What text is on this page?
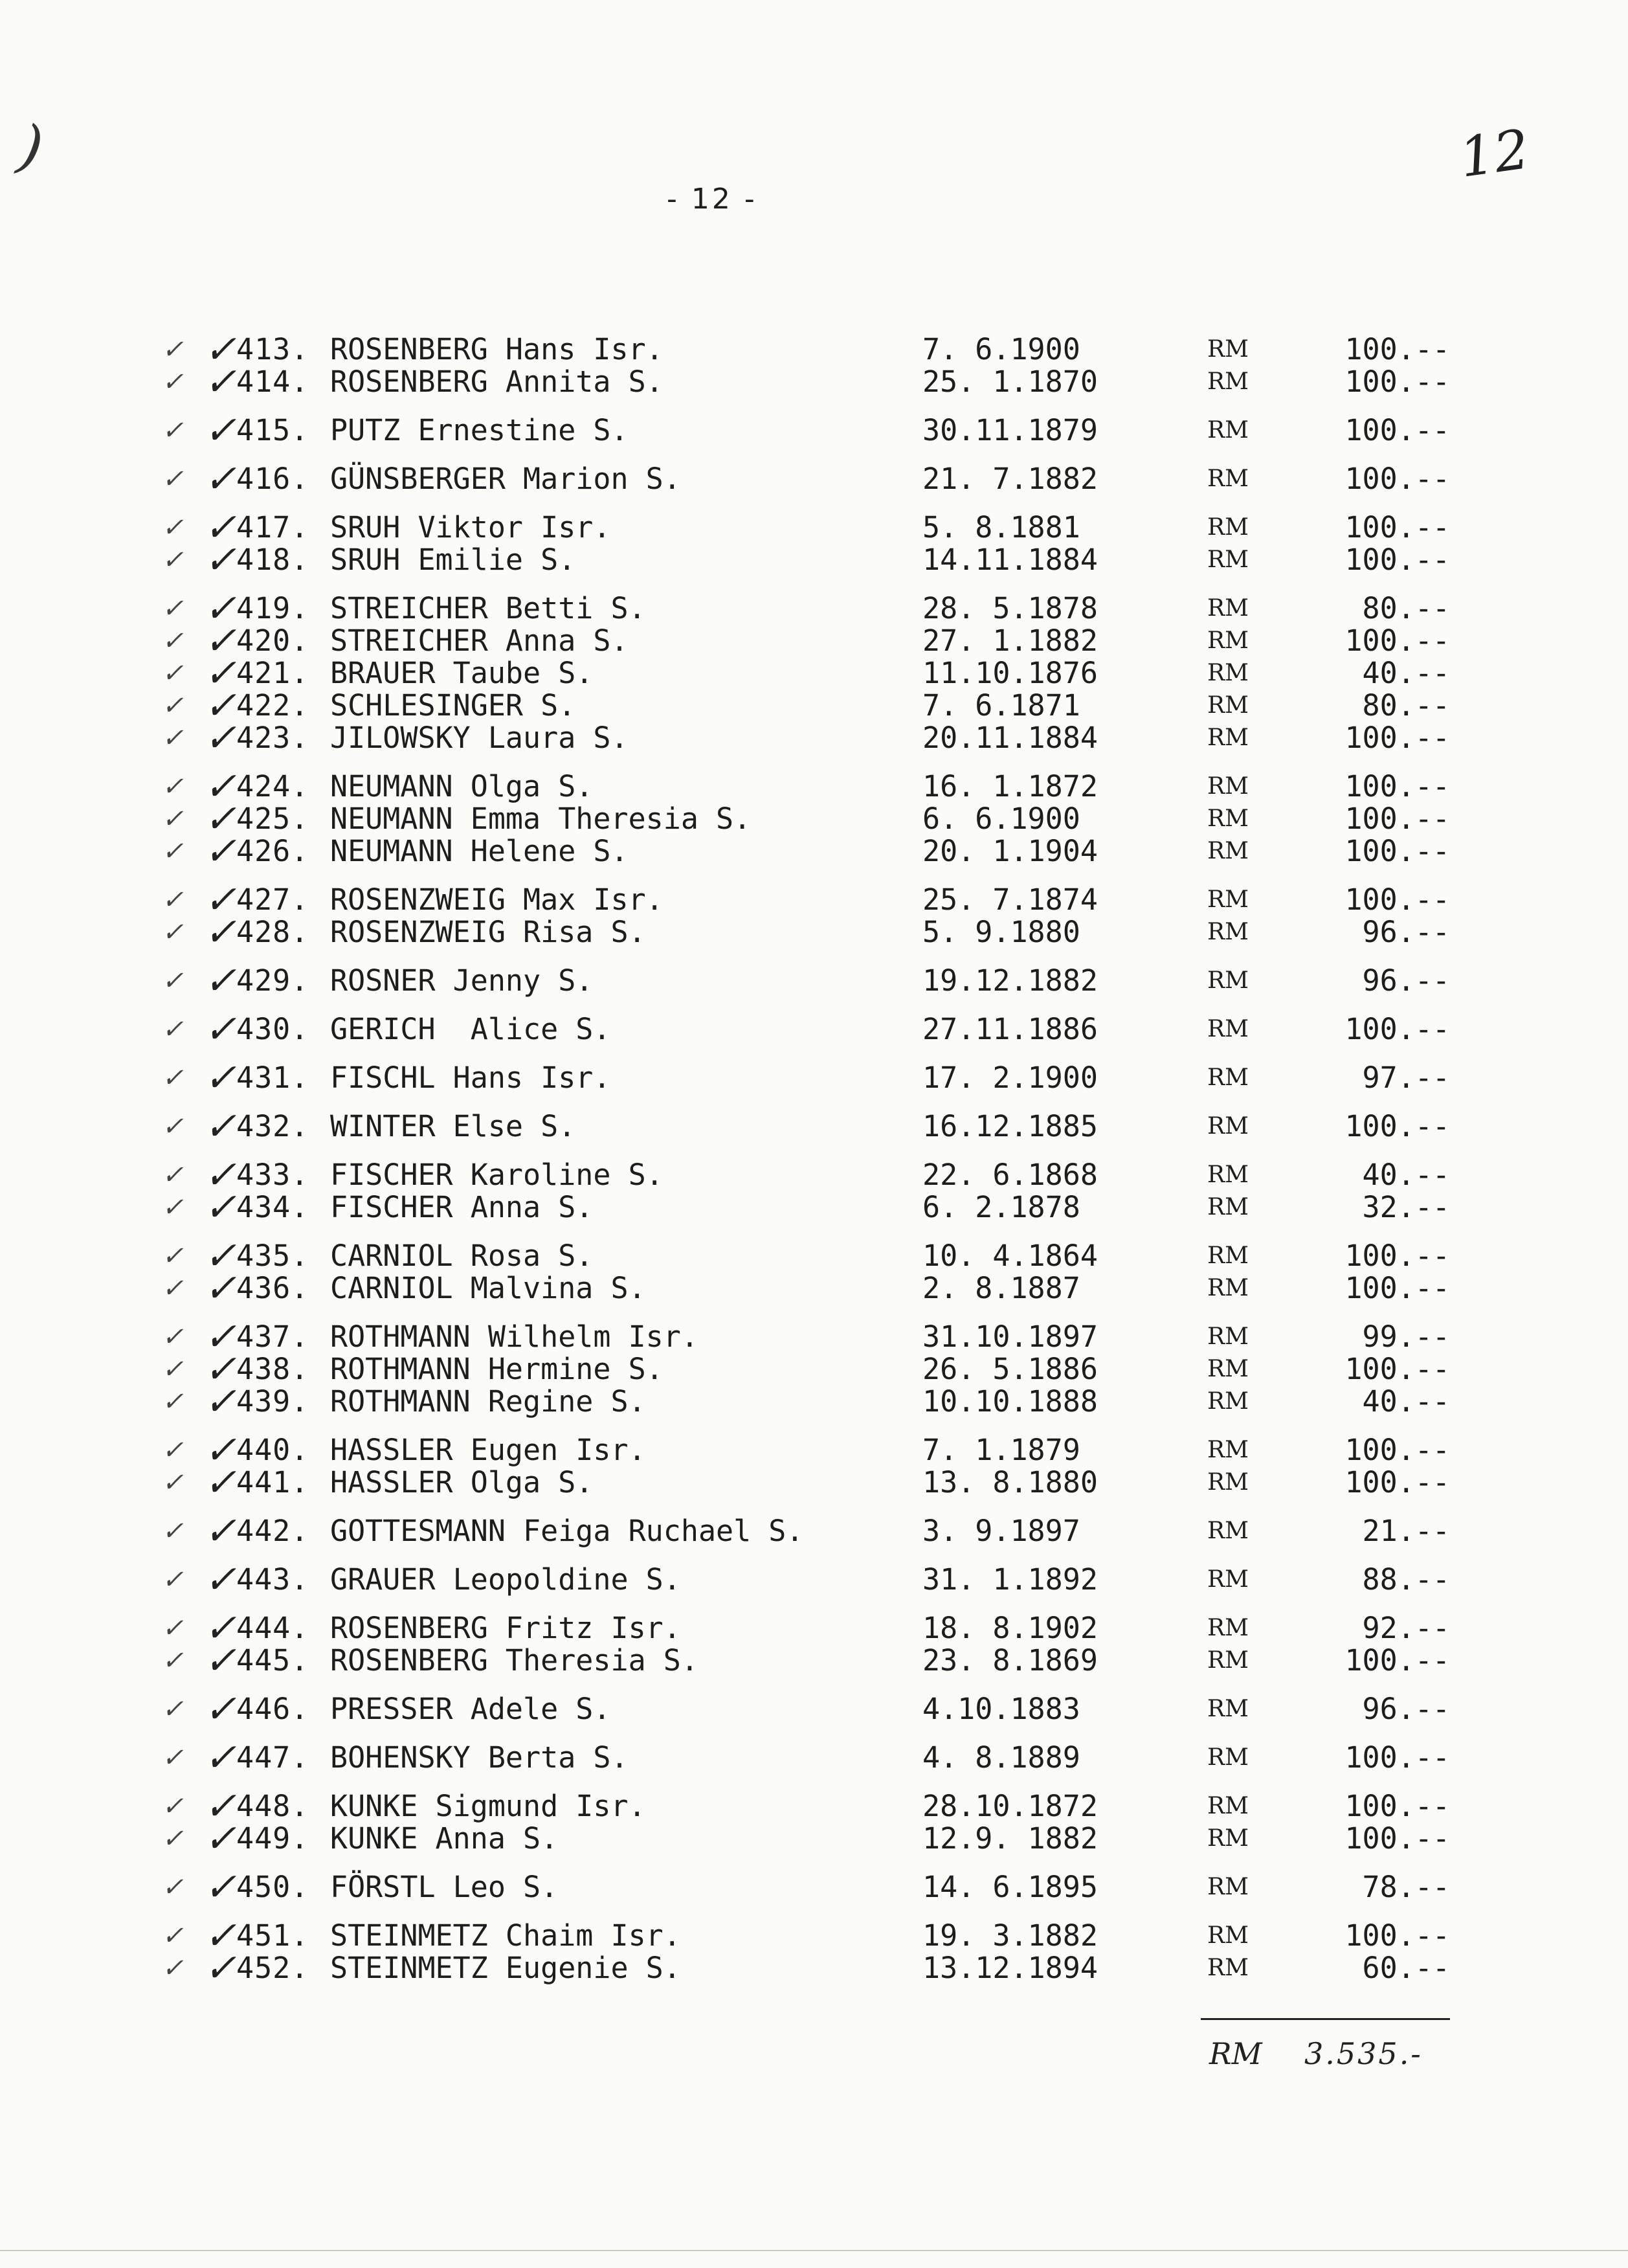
)	12
- 12 -
✓ ✓ 413. ROSENBERG Hans Isr.	7. 6.1900	RM	100.--
✓ ✓ 414. ROSENBERG Annita S.	25. 1.1870	RM	100.--
✓ ✓ 415. PUTZ Ernestine S.	30.11.1879	RM	100.--
✓ ✓ 416. GÜNSBERGER Marion S.	21. 7.1882	RM	100.--
✓ ✓ 417. SRUH Viktor Isr.	5. 8.1881	RM	100.--
✓ ✓ 418. SRUH Emilie S.	14.11.1884	RM	100.--
✓ ✓ 419. STREICHER Betti S.	28. 5.1878	RM	80.--
✓ ✓ 420. STREICHER Anna S.	27. 1.1882	RM	100.--
✓ ✓ 421. BRAUER Taube S.	11.10.1876	RM	40.--
✓ ✓ 422. SCHLESINGER S.	7. 6.1871	RM	80.--
✓ ✓ 423. JILOWSKY Laura S.	20.11.1884	RM	100.--
✓ ✓ 424. NEUMANN Olga S.	16. 1.1872	RM	100.--
✓ ✓ 425. NEUMANN Emma Theresia S.	6. 6.1900	RM	100.--
✓ ✓ 426. NEUMANN Helene S.	20. 1.1904	RM	100.--
✓ ✓ 427. ROSENZWEIG Max Isr.	25. 7.1874	RM	100.--
✓ ✓ 428. ROSENZWEIG Risa S.	5. 9.1880	RM	96.--
✓ ✓ 429. ROSNER Jenny S.	19.12.1882	RM	96.--
✓ ✓ 430. GERICH  Alice S.	27.11.1886	RM	100.--
✓ ✓ 431. FISCHL Hans Isr.	17. 2.1900	RM	97.--
✓ ✓ 432. WINTER Else S.	16.12.1885	RM	100.--
✓ ✓ 433. FISCHER Karoline S.	22. 6.1868	RM	40.--
✓ ✓ 434. FISCHER Anna S.	6. 2.1878	RM	32.--
✓ ✓ 435. CARNIOL Rosa S.	10. 4.1864	RM	100.--
✓ ✓ 436. CARNIOL Malvina S.	2. 8.1887	RM	100.--
✓ ✓ 437. ROTHMANN Wilhelm Isr.	31.10.1897	RM	99.--
✓ ✓ 438. ROTHMANN Hermine S.	26. 5.1886	RM	100.--
✓ ✓ 439. ROTHMANN Regine S.	10.10.1888	RM	40.--
✓ ✓ 440. HASSLER Eugen Isr.	7. 1.1879	RM	100.--
✓ ✓ 441. HASSLER Olga S.	13. 8.1880	RM	100.--
✓ ✓ 442. GOTTESMANN Feiga Ruchael S.	3. 9.1897	RM	21.--
✓ ✓ 443. GRAUER Leopoldine S.	31. 1.1892	RM	88.--
✓ ✓ 444. ROSENBERG Fritz Isr.	18. 8.1902	RM	92.--
✓ ✓ 445. ROSENBERG Theresia S.	23. 8.1869	RM	100.--
✓ ✓ 446. PRESSER Adele S.	4.10.1883	RM	96.--
✓ ✓ 447. BOHENSKY Berta S.	4. 8.1889	RM	100.--
✓ ✓ 448. KUNKE Sigmund Isr.	28.10.1872	RM	100.--
✓ ✓ 449. KUNKE Anna S.	12.9. 1882	RM	100.--
✓ ✓ 450. FÖRSTL Leo S.	14. 6.1895	RM	78.--
✓ ✓ 451. STEINMETZ Chaim Isr.	19. 3.1882	RM	100.--
✓ ✓ 452. STEINMETZ Eugenie S.	13.12.1894	RM	60.--
RM 3.535.-
